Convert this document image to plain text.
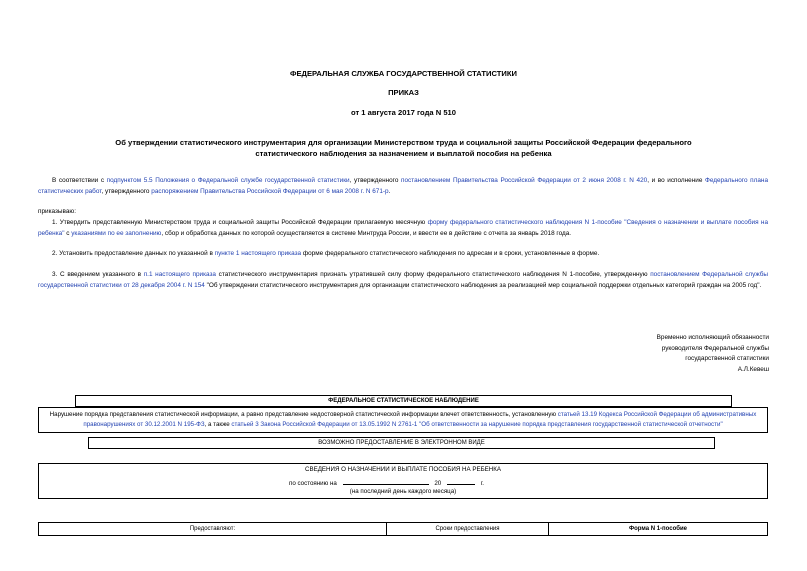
ФЕДЕРАЛЬНАЯ СЛУЖБА ГОСУДАРСТВЕННОЙ СТАТИСТИКИ
ПРИКАЗ
от 1 августа 2017 года N 510
Об утверждении статистического инструментария для организации Министерством труда и социальной защиты Российской Федерации федерального
статистического наблюдения за назначением и выплатой пособия на ребенка
В соответствии с подпунктом 5.5 Положения о Федеральной службе государственной статистики, утвержденного постановлением Правительства Российской Федерации от 2 июня 2008 г. N 420, и во исполнение Федерального плана статистических работ, утвержденного распоряжением Правительства Российской Федерации от 6 мая 2008 г. N 671-р.
приказываю:
1. Утвердить представленную Министерством труда и социальной защиты Российской Федерации прилагаемую месячную форму федерального статистического наблюдения N 1-пособие "Сведения о назначении и выплате пособия на ребенка" с указаниями по ее заполнению, сбор и обработка данных по которой осуществляется в системе Минтруда России, и ввести ее в действие с отчета за январь 2018 года.
2. Установить предоставление данных по указанной в пункте 1 настоящего приказа форме федерального статистического наблюдения по адресам и в сроки, установленные в форме.
3. С введением указанного в п.1 настоящего приказа статистического инструментария признать утратившей силу форму федерального статистического наблюдения N 1-пособие, утвержденную постановлением Федеральной службы государственной статистики от 28 декабря 2004 г. N 154 "Об утверждении статистического инструментария для организации статистического наблюдения за реализацией мер социальной поддержки отдельных категорий граждан на 2005 год".
Временно исполняющий обязанности
руководителя Федеральной службы
государственной статистики
А.Л.Кевеш
ФЕДЕРАЛЬНОЕ СТАТИСТИЧЕСКОЕ НАБЛЮДЕНИЕ
Нарушение порядка представления статистической информации, а равно представление недостоверной статистической информации влечет ответственность, установленную статьей 13.19 Кодекса Российской Федерации об административных правонарушениях от 30.12.2001 N 195-ФЗ, а также статьей 3 Закона Российской Федерации от 13.05.1992 N 2761-1 "Об ответственности за нарушение порядка представления государственной статистической отчетности"
ВОЗМОЖНО ПРЕДОСТАВЛЕНИЕ В ЭЛЕКТРОННОМ ВИДЕ
СВЕДЕНИЯ О НАЗНАЧЕНИИ И ВЫПЛАТЕ ПОСОБИЯ НА РЕБЕНКА
по состоянию на	20	г.
(на последний день каждого месяца)
Предоставляют:	Сроки предоставления	Форма N 1-пособие
